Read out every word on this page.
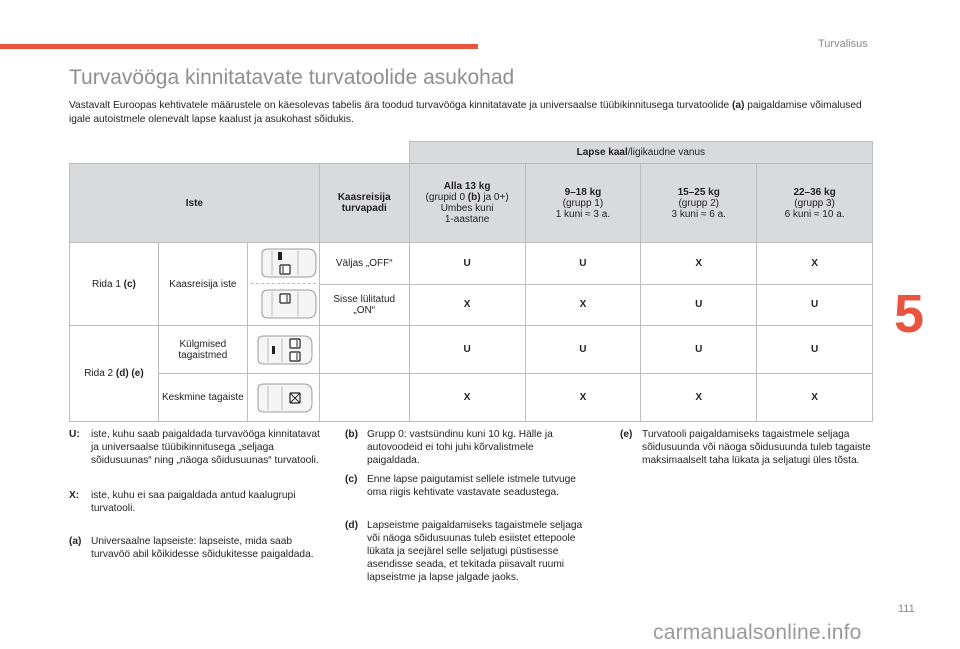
Turvalisus
5
Turvavööga kinnitatavate turvatoolide asukohad
Vastavalt Euroopas kehtivatele määrustele on käesolevas tabelis ära toodud turvavööga kinnitatavate ja universaalse tüübikinnitusega turvatoolide (a) paigaldamise võimalused igale autoistmele olenevalt lapse kaalust ja asukohast sõidukis.
				Lapse kaal/ligikaudne vanus			
Iste			Kaasreisija turvapadi	Alla 13 kg
(grupid 0 (b) ja 0+)
Umbes kuni
1-aastane	9–18 kg
(grupp 1)
1 kuni ≈ 3 a.	15–25 kg
(grupp 2)
3 kuni ≈ 6 a.	22–36 kg
(grupp 3)
6 kuni ≈ 10 a.
Rida 1 (c)	Kaasreisija iste		Väljas „OFF“	U	U	X	X
			Sisse lülitatud „ON“	X	X	U	U
Rida 2 (d) (e)	Külgmised tagaistmed			U	U	U	U
	Keskmine tagaiste			X	X	X	X
U: iste, kuhu saab paigaldada turvavööga kinnitatavat ja universaalse tüübikinnitusega „seljaga sõidusuunas“ ning „näoga sõidusuunas“ turvatooli.
X: iste, kuhu ei saa paigaldada antud kaalugrupi turvatooli.
(a) Universaalne lapseiste: lapseiste, mida saab turvavöö abil kõikidesse sõidukitesse paigaldada.
(b) Grupp 0: vastsündinu kuni 10 kg. Hälle ja autovoodeid ei tohi juhi kõrvalistmele paigaldada.
(c) Enne lapse paigutamist sellele istmele tutvuge oma riigis kehtivate vastavate seadustega.
(d) Lapseistme paigaldamiseks tagaistmele seljaga või näoga sõidusuunas tuleb esiistet ettepoole lükata ja seejärel selle seljatugi püstisesse asendisse seada, et tekitada piisavalt ruumi lapseistme ja lapse jalgade jaoks.
(e) Turvatooli paigaldamiseks tagaistmele seljaga sõidusuunda või näoga sõidusuunda tuleb tagaiste maksimaalselt taha lükata ja seljatugi üles tõsta.
111
carmanualsonline.info
